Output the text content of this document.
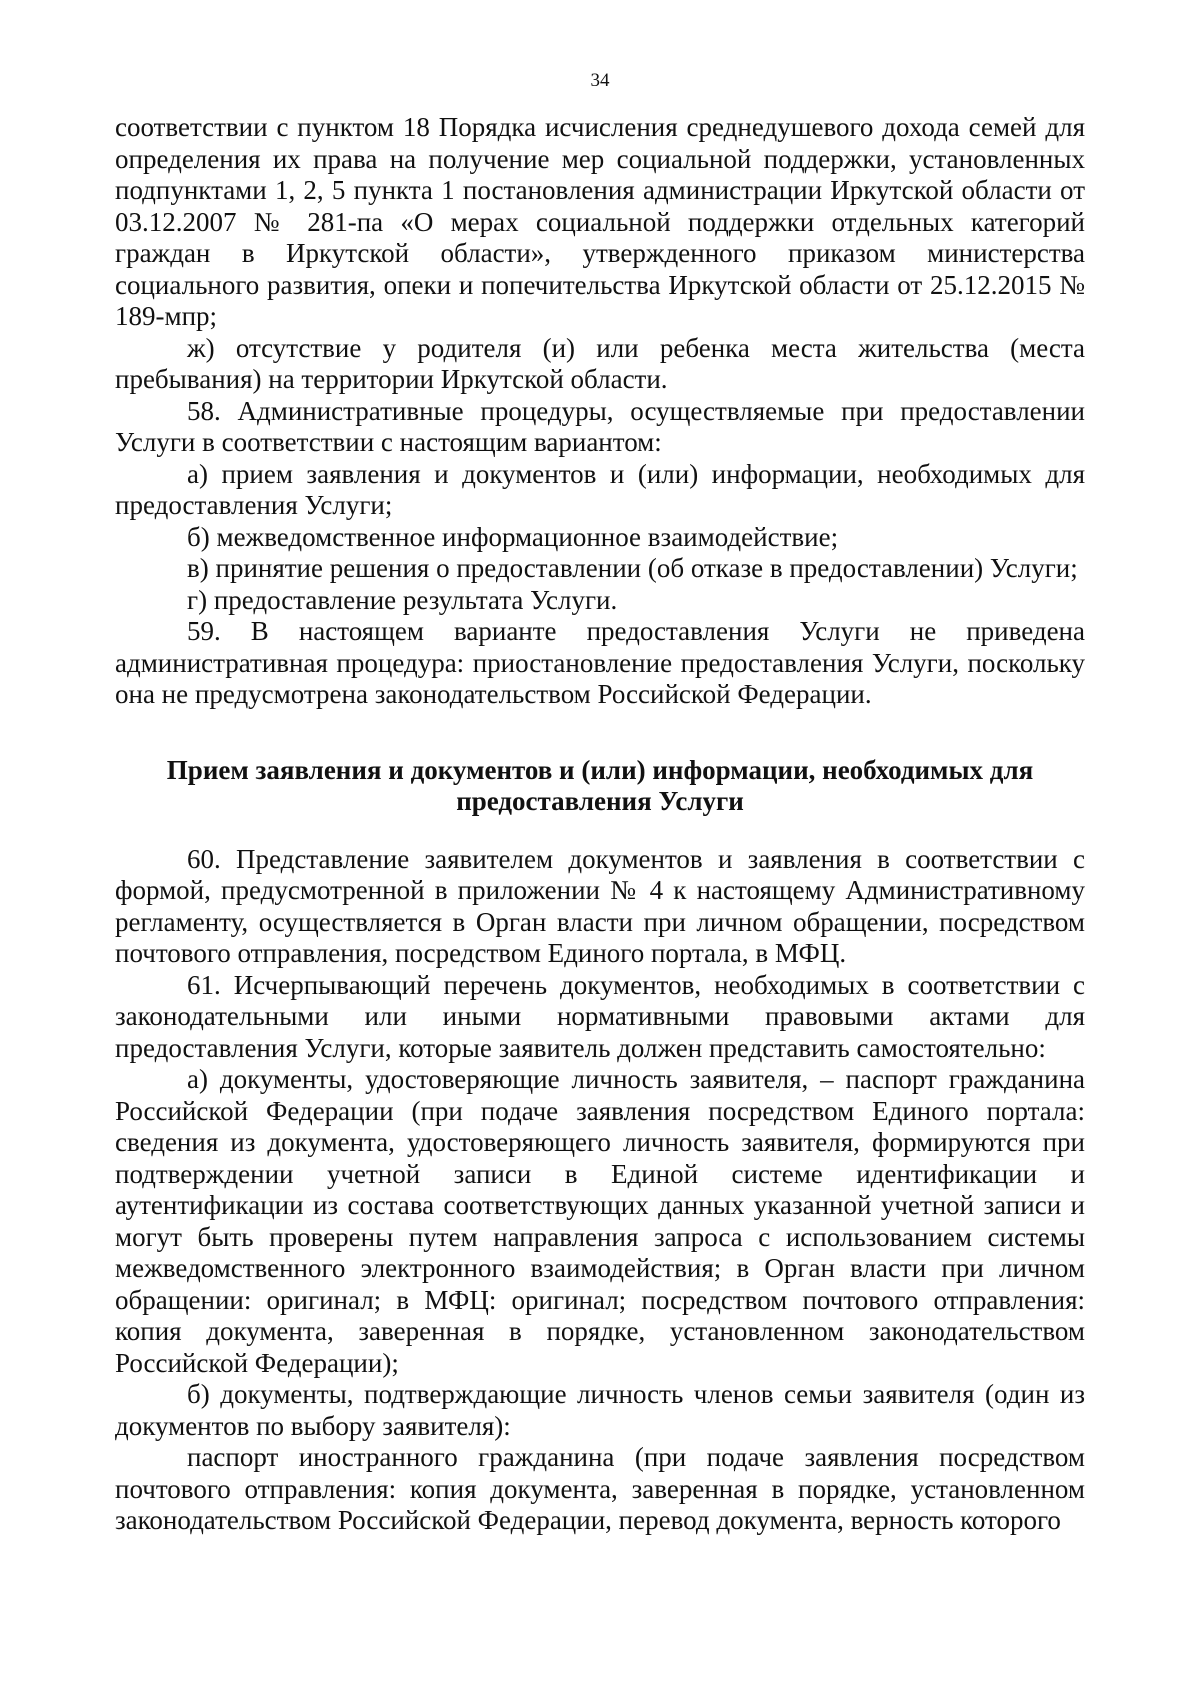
34

соответствии с пунктом 18 Порядка исчисления среднедушевого дохода семей для определения их права на получение мер социальной поддержки, установленных подпунктами 1, 2, 5 пункта 1 постановления администрации Иркутской области от 03.12.2007 № 281-па «О мерах социальной поддержки отдельных категорий граждан в Иркутской области», утвержденного приказом министерства социального развития, опеки и попечительства Иркутской области от 25.12.2015 № 189-мпр;

ж) отсутствие у родителя (и) или ребенка места жительства (места пребывания) на территории Иркутской области.

58. Административные процедуры, осуществляемые при предоставлении Услуги в соответствии с настоящим вариантом:

а) прием заявления и документов и (или) информации, необходимых для предоставления Услуги;

б) межведомственное информационное взаимодействие;

в) принятие решения о предоставлении (об отказе в предоставлении) Услуги;

г) предоставление результата Услуги.

59. В настоящем варианте предоставления Услуги не приведена административная процедура: приостановление предоставления Услуги, поскольку она не предусмотрена законодательством Российской Федерации.

Прием заявления и документов и (или) информации, необходимых для предоставления Услуги

60. Представление заявителем документов и заявления в соответствии с формой, предусмотренной в приложении № 4 к настоящему Административному регламенту, осуществляется в Орган власти при личном обращении, посредством почтового отправления, посредством Единого портала, в МФЦ.

61. Исчерпывающий перечень документов, необходимых в соответствии с законодательными или иными нормативными правовыми актами для предоставления Услуги, которые заявитель должен представить самостоятельно:

а) документы, удостоверяющие личность заявителя, – паспорт гражданина Российской Федерации (при подаче заявления посредством Единого портала: сведения из документа, удостоверяющего личность заявителя, формируются при подтверждении учетной записи в Единой системе идентификации и аутентификации из состава соответствующих данных указанной учетной записи и могут быть проверены путем направления запроса с использованием системы межведомственного электронного взаимодействия; в Орган власти при личном обращении: оригинал; в МФЦ: оригинал; посредством почтового отправления: копия документа, заверенная в порядке, установленном законодательством Российской Федерации);

б) документы, подтверждающие личность членов семьи заявителя (один из документов по выбору заявителя):

паспорт иностранного гражданина (при подаче заявления посредством почтового отправления: копия документа, заверенная в порядке, установленном законодательством Российской Федерации, перевод документа, верность которого
